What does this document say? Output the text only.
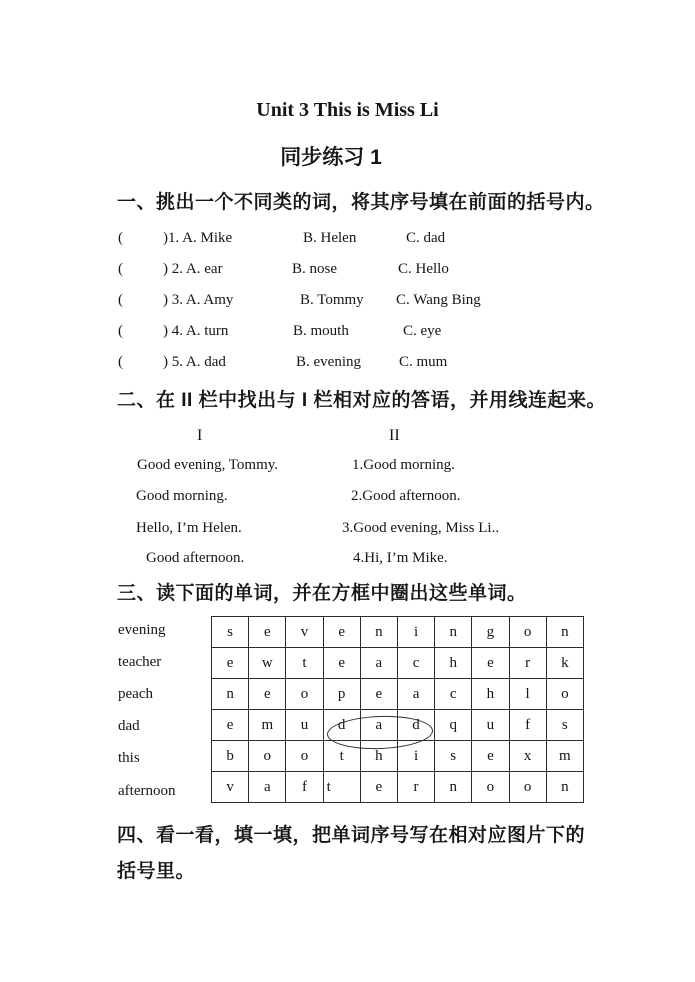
Unit 3 This is Miss Li
同步练习 1
一、挑出一个不同类的词，将其序号填在前面的括号内。
(	)1. A. Mike	B. Helen	C. dad
(	) 2. A. ear	B. nose	C. Hello
(	) 3. A. Amy	B. Tommy C. Wang Bing
(	) 4. A. turn	B. mouth	C. eye
(	) 5. A. dad	B. evening	C. mum
二、在 II 栏中找出与 I 栏相对应的答语，并用线连起来。
I	II
Good evening, Tommy.	1.Good morning.
Good morning.	2.Good afternoon.
Hello, I’m Helen.	3.Good evening, Miss Li..
Good afternoon.	4.Hi, I’m Mike.
三、读下面的单词，并在方框中圈出这些单词。
evening
teacher
peach
dad
this
afternoon
s	e	v	e	n	i	n	g	o	n
e	w	t	e	a	c	h	e	r	k
n	e	o	p	e	a	c	h	l	o
e	m	u	d	a	d	q	u	f	s
b	o	o	t	h	i	s	e	x	m
v	a	f	t	e	r	n	o	o	n
四、看一看，填一填，把单词序号写在相对应图片下的
括号里。
